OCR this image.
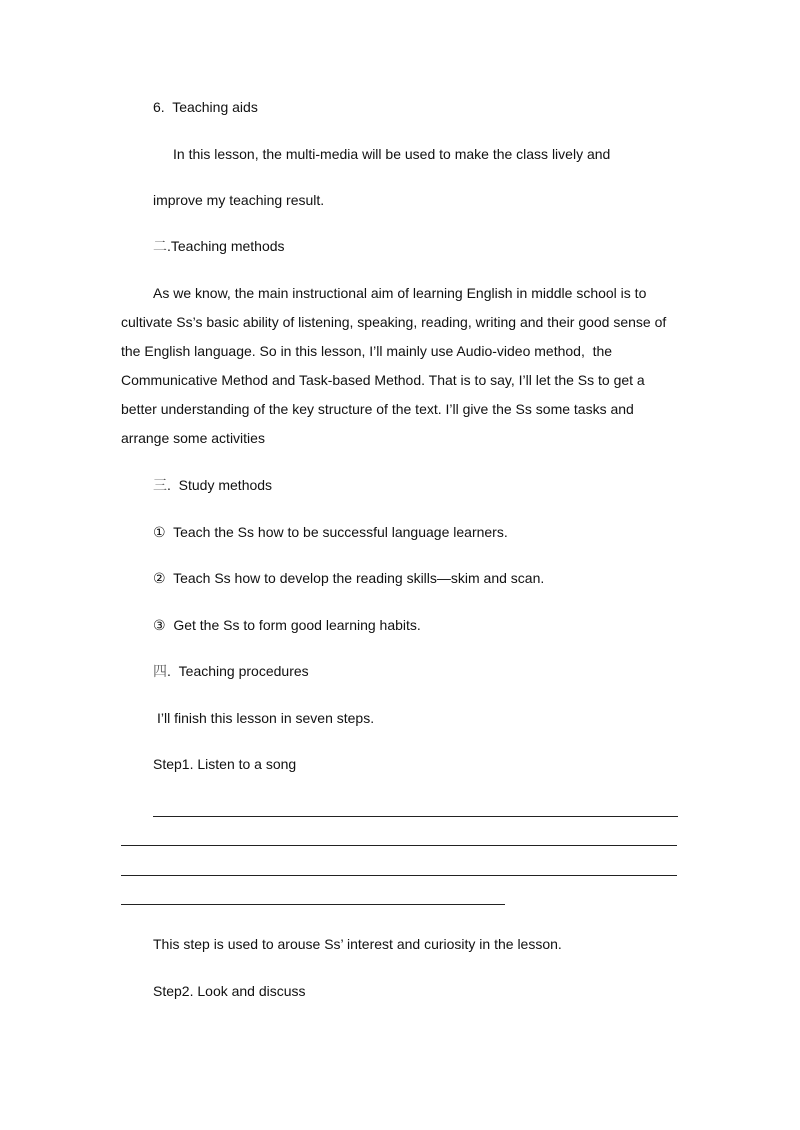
6.  Teaching aids
In this lesson, the multi-media will be used to make the class lively and
improve my teaching result.
二.Teaching methods
As we know, the main instructional aim of learning English in middle school is to
cultivate Ss’s basic ability of listening, speaking, reading, writing and their good sense of
the English language. So in this lesson, I’ll mainly use Audio-video method,  the
Communicative Method and Task-based Method. That is to say, I’ll let the Ss to get a
better understanding of the key structure of the text. I’ll give the Ss some tasks and
arrange some activities
三.  Study methods
①  Teach the Ss how to be successful language learners.
②  Teach Ss how to develop the reading skills—skim and scan.
③  Get the Ss to form good learning habits.
四.  Teaching procedures
I’ll finish this lesson in seven steps.
Step1. Listen to a song
This step is used to arouse Ss’ interest and curiosity in the lesson.
Step2. Look and discuss
